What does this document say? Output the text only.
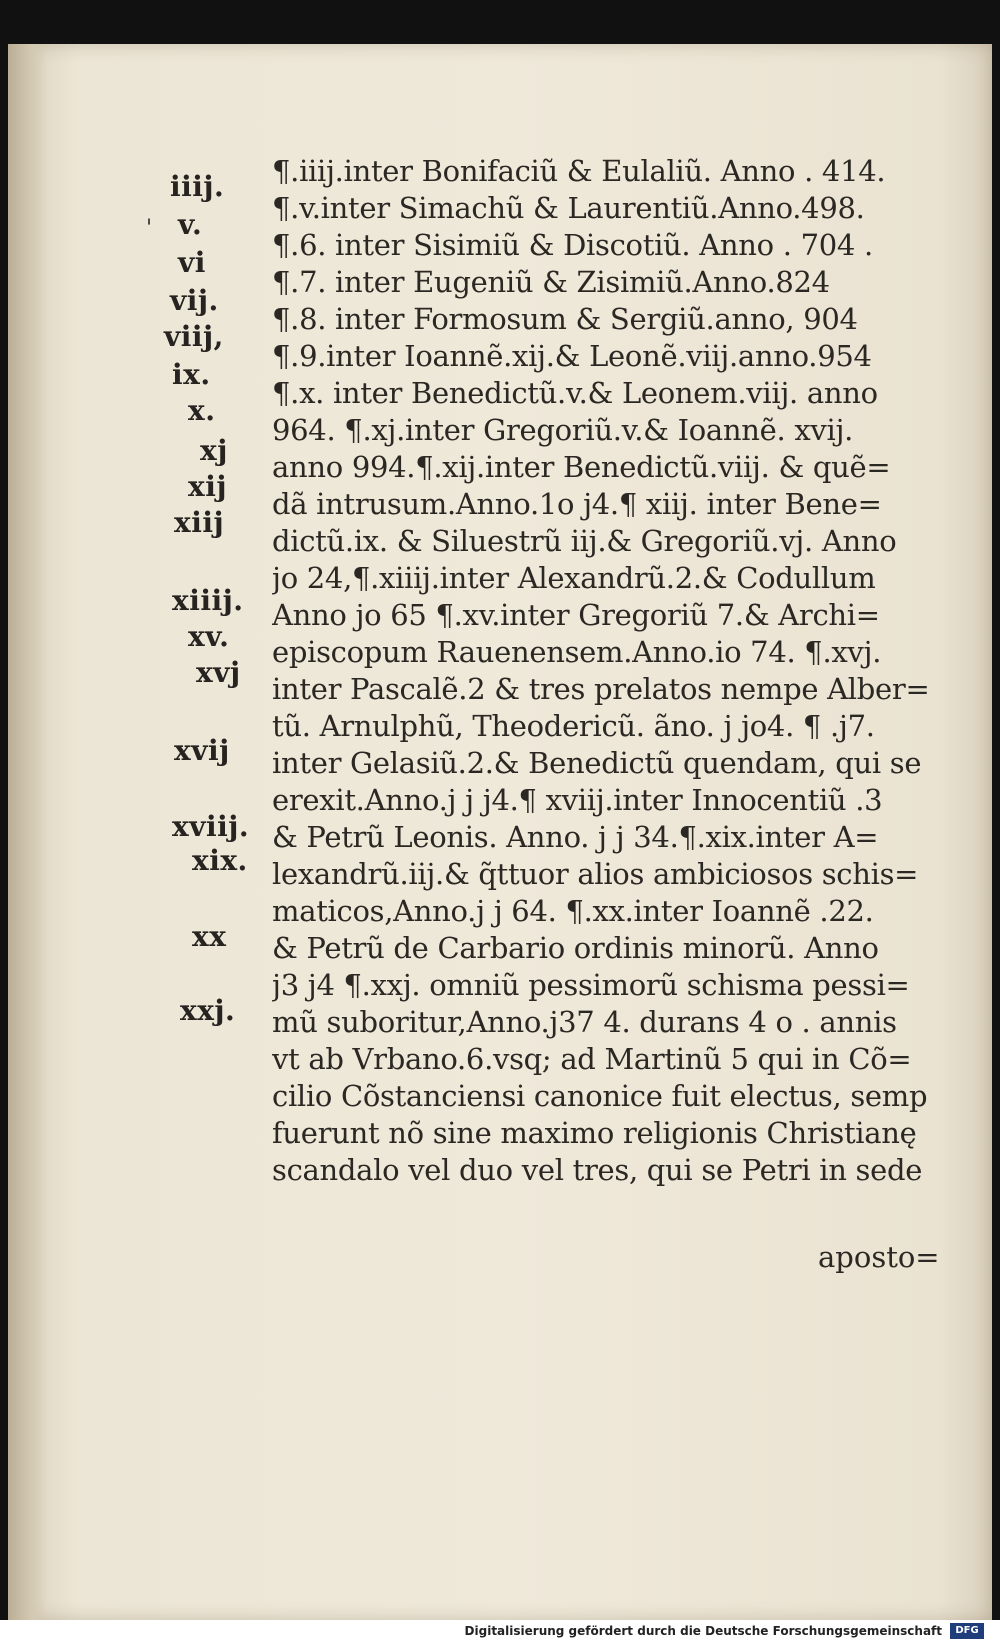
'
iiij.
v.
vi
vij.
viij,
ix.
x.
xj
xij
xiij
xiiij.
xv.
xvj
xvij
xviij.
xix.
xx
xxj.
¶.iiij.inter Bonifaciũ & Eulaliũ. Anno . 414.
¶.v.inter Simachũ & Laurentiũ.Anno.498.
¶.6. inter Sisimiũ & Discotiũ. Anno . 704 .
¶.7. inter Eugeniũ & Zisimiũ.Anno.824
¶.8. inter Formosum & Sergiũ.anno, 904
¶.9.inter Ioannẽ.xij.& Leonẽ.viij.anno.954
¶.x. inter Benedictũ.v.& Leonem.viij. anno
964. ¶.xj.inter Gregoriũ.v.& Ioannẽ. xvij.
anno 994.¶.xij.inter Benedictũ.viij. & quẽ=
dã intrusum.Anno.1o j4.¶ xiij. inter Bene=
dictũ.ix. & Siluestrũ iij.& Gregoriũ.vj. Anno
jo 24,¶.xiiij.inter Alexandrũ.2.& Codullum
Anno jo 65 ¶.xv.inter Gregoriũ 7.& Archi=
episcopum Rauenensem.Anno.io 74. ¶.xvj.
inter Pascalẽ.2 & tres prelatos nempe Alber=
tũ. Arnulphũ, Theodericũ. ãno. j jo4. ¶ .j7.
inter Gelasiũ.2.& Benedictũ quendam, qui se
erexit.Anno.j j j4.¶ xviij.inter Innocentiũ .3
& Petrũ Leonis. Anno. j j 34.¶.xix.inter A=
lexandrũ.iij.& q̃ttuor alios ambiciosos schis=
maticos,Anno.j j 64. ¶.xx.inter Ioannẽ .22.
& Petrũ de Carbario ordinis minorũ. Anno
j3 j4 ¶.xxj. omniũ pessimorũ schisma pessi=
mũ suboritur,Anno.j37 4. durans 4 o . annis
vt ab Vrbano.6.vsq; ad Martinũ 5 qui in Cõ=
cilio Cõstanciensi canonice fuit electus, semp
fuerunt nõ sine maximo religionis Christianę
scandalo vel duo vel tres, qui se Petri in sede
aposto=
Digitalisierung gefördert durch die Deutsche Forschungsgemeinschaft	DFG
